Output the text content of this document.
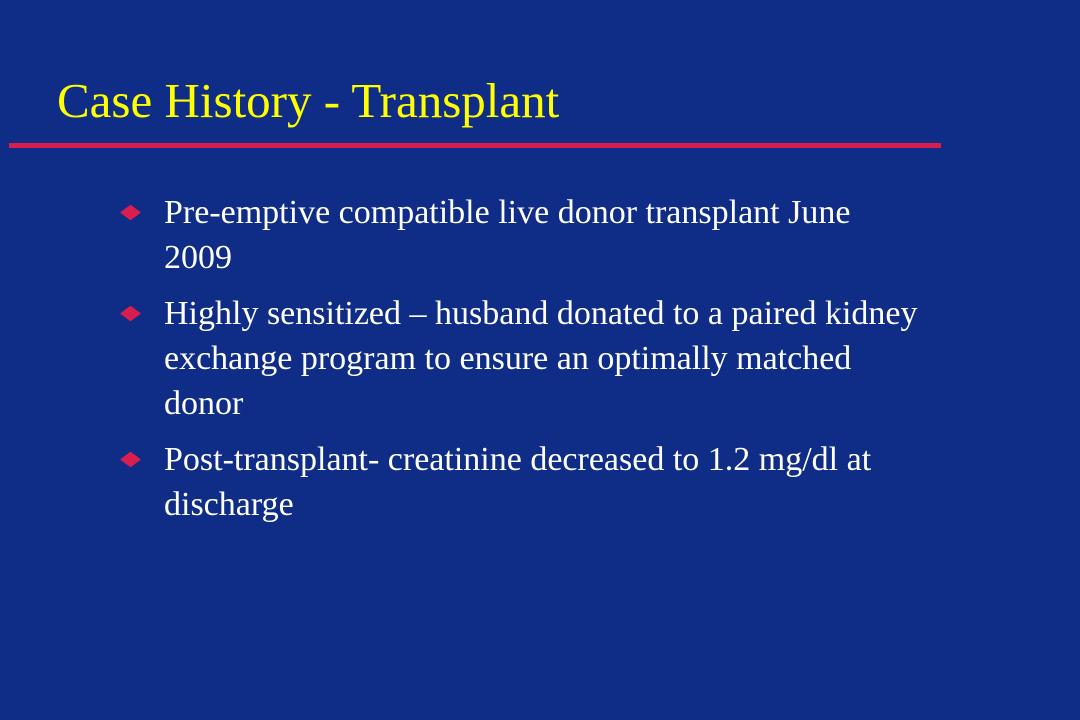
Case History - Transplant
Pre-emptive compatible live donor transplant June 2009
Highly sensitized – husband donated to a paired kidney exchange program to ensure an optimally matched donor
Post-transplant- creatinine decreased to 1.2 mg/dl at discharge
